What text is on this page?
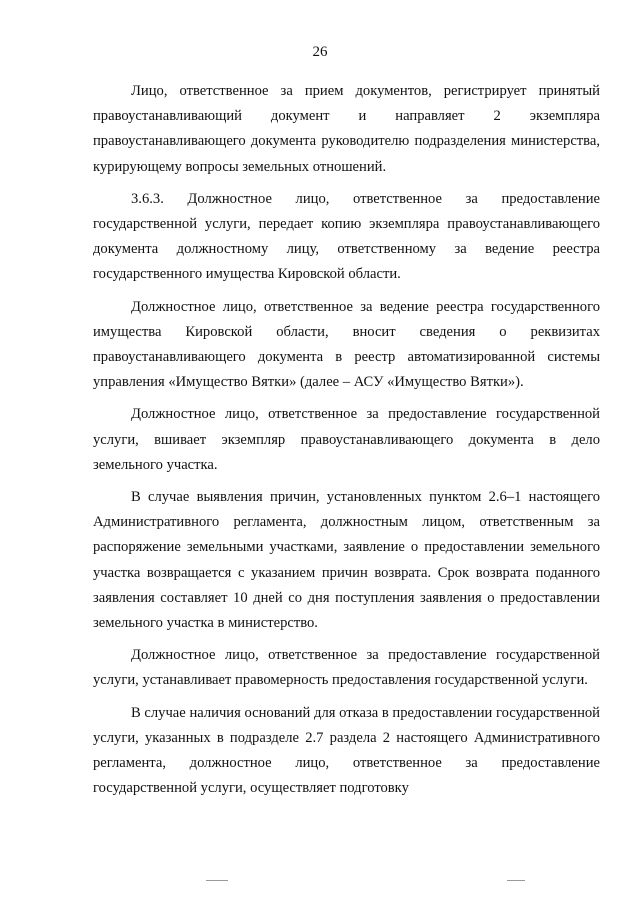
26

Лицо, ответственное за прием документов, регистрирует принятый правоустанавливающий документ и направляет 2 экземпляра правоустанавливающего документа руководителю подразделения министерства, курирующему вопросы земельных отношений.

3.6.3. Должностное лицо, ответственное за предоставление государственной услуги, передает копию экземпляра правоустанавливающего документа должностному лицу, ответственному за ведение реестра государственного имущества Кировской области.

Должностное лицо, ответственное за ведение реестра государственного имущества Кировской области, вносит сведения о реквизитах правоустанавливающего документа в реестр автоматизированной системы управления «Имущество Вятки» (далее – АСУ «Имущество Вятки»).

Должностное лицо, ответственное за предоставление государственной услуги, вшивает экземпляр правоустанавливающего документа в дело земельного участка.

В случае выявления причин, установленных пунктом 2.6–1 настоящего Административного регламента, должностным лицом, ответственным за распоряжение земельными участками, заявление о предоставлении земельного участка возвращается с указанием причин возврата. Срок возврата поданного заявления составляет 10 дней со дня поступления заявления о предоставлении земельного участка в министерство.

Должностное лицо, ответственное за предоставление государственной услуги, устанавливает правомерность предоставления государственной услуги.

В случае наличия оснований для отказа в предоставлении государственной услуги, указанных в подразделе 2.7 раздела 2 настоящего Административного регламента, должностное лицо, ответственное за предоставление государственной услуги, осуществляет подготовку
